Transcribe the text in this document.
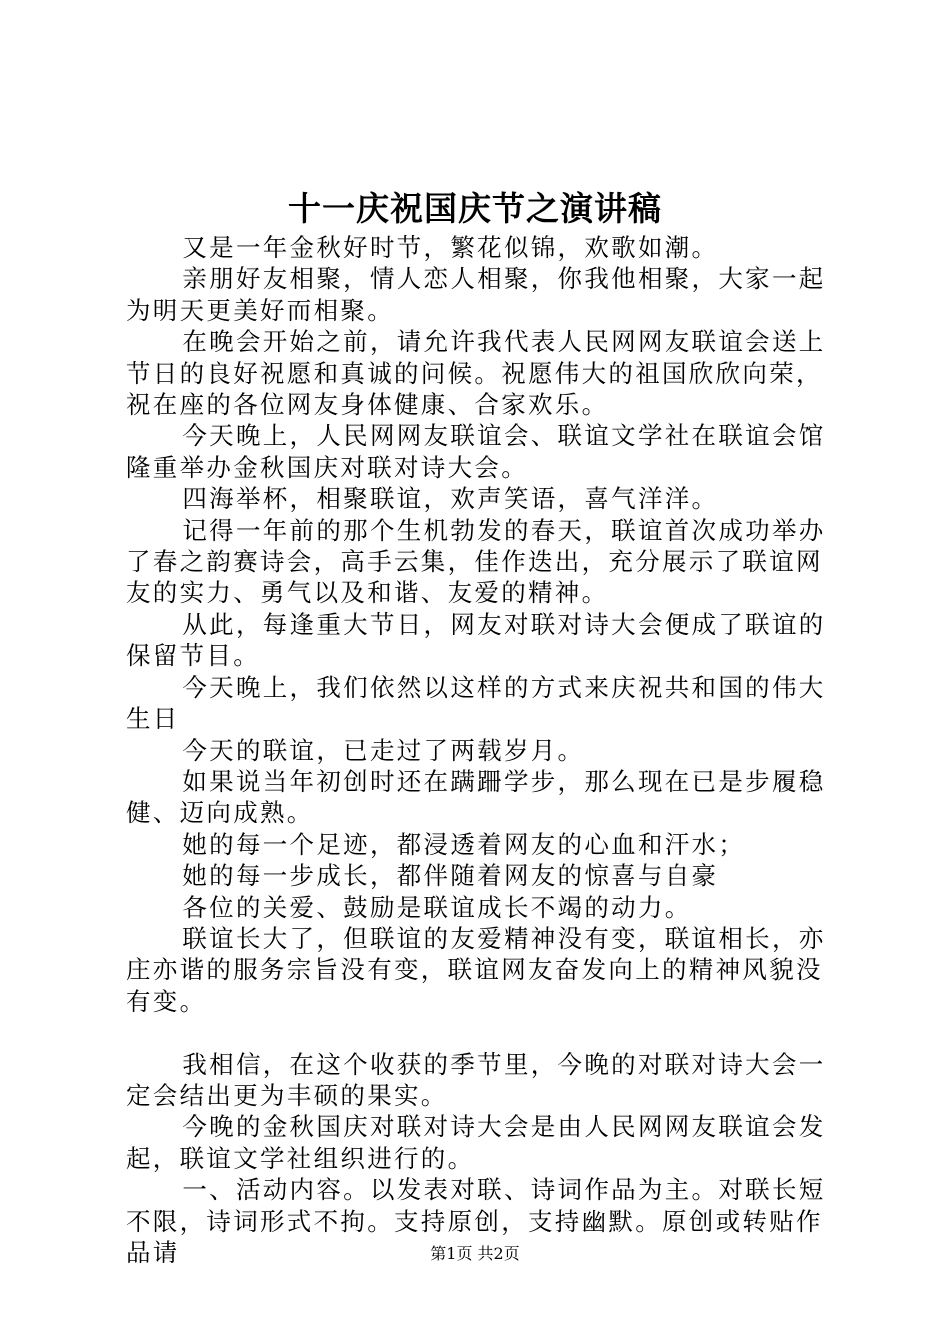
十一庆祝国庆节之演讲稿

又是一年金秋好时节，繁花似锦，欢歌如潮。

亲朋好友相聚，情人恋人相聚，你我他相聚，大家一起为明天更美好而相聚。

在晚会开始之前，请允许我代表人民网网友联谊会送上节日的良好祝愿和真诚的问候。祝愿伟大的祖国欣欣向荣，祝在座的各位网友身体健康、合家欢乐。

今天晚上，人民网网友联谊会、联谊文学社在联谊会馆隆重举办金秋国庆对联对诗大会。

四海举杯，相聚联谊，欢声笑语，喜气洋洋。

记得一年前的那个生机勃发的春天，联谊首次成功举办了春之韵赛诗会，高手云集，佳作迭出，充分展示了联谊网友的实力、勇气以及和谐、友爱的精神。

从此，每逢重大节日，网友对联对诗大会便成了联谊的保留节目。

今天晚上，我们依然以这样的方式来庆祝共和国的伟大生日

今天的联谊，已走过了两载岁月。

如果说当年初创时还在蹒跚学步，那么现在已是步履稳健、迈向成熟。

她的每一个足迹，都浸透着网友的心血和汗水；

她的每一步成长，都伴随着网友的惊喜与自豪

各位的关爱、鼓励是联谊成长不竭的动力。

联谊长大了，但联谊的友爱精神没有变，联谊相长，亦庄亦谐的服务宗旨没有变，联谊网友奋发向上的精神风貌没有变。

我相信，在这个收获的季节里，今晚的对联对诗大会一定会结出更为丰硕的果实。

今晚的金秋国庆对联对诗大会是由人民网网友联谊会发起，联谊文学社组织进行的。

一、活动内容。以发表对联、诗词作品为主。对联长短不限，诗词形式不拘。支持原创，支持幽默。原创或转贴作品请	第1页 共2页
